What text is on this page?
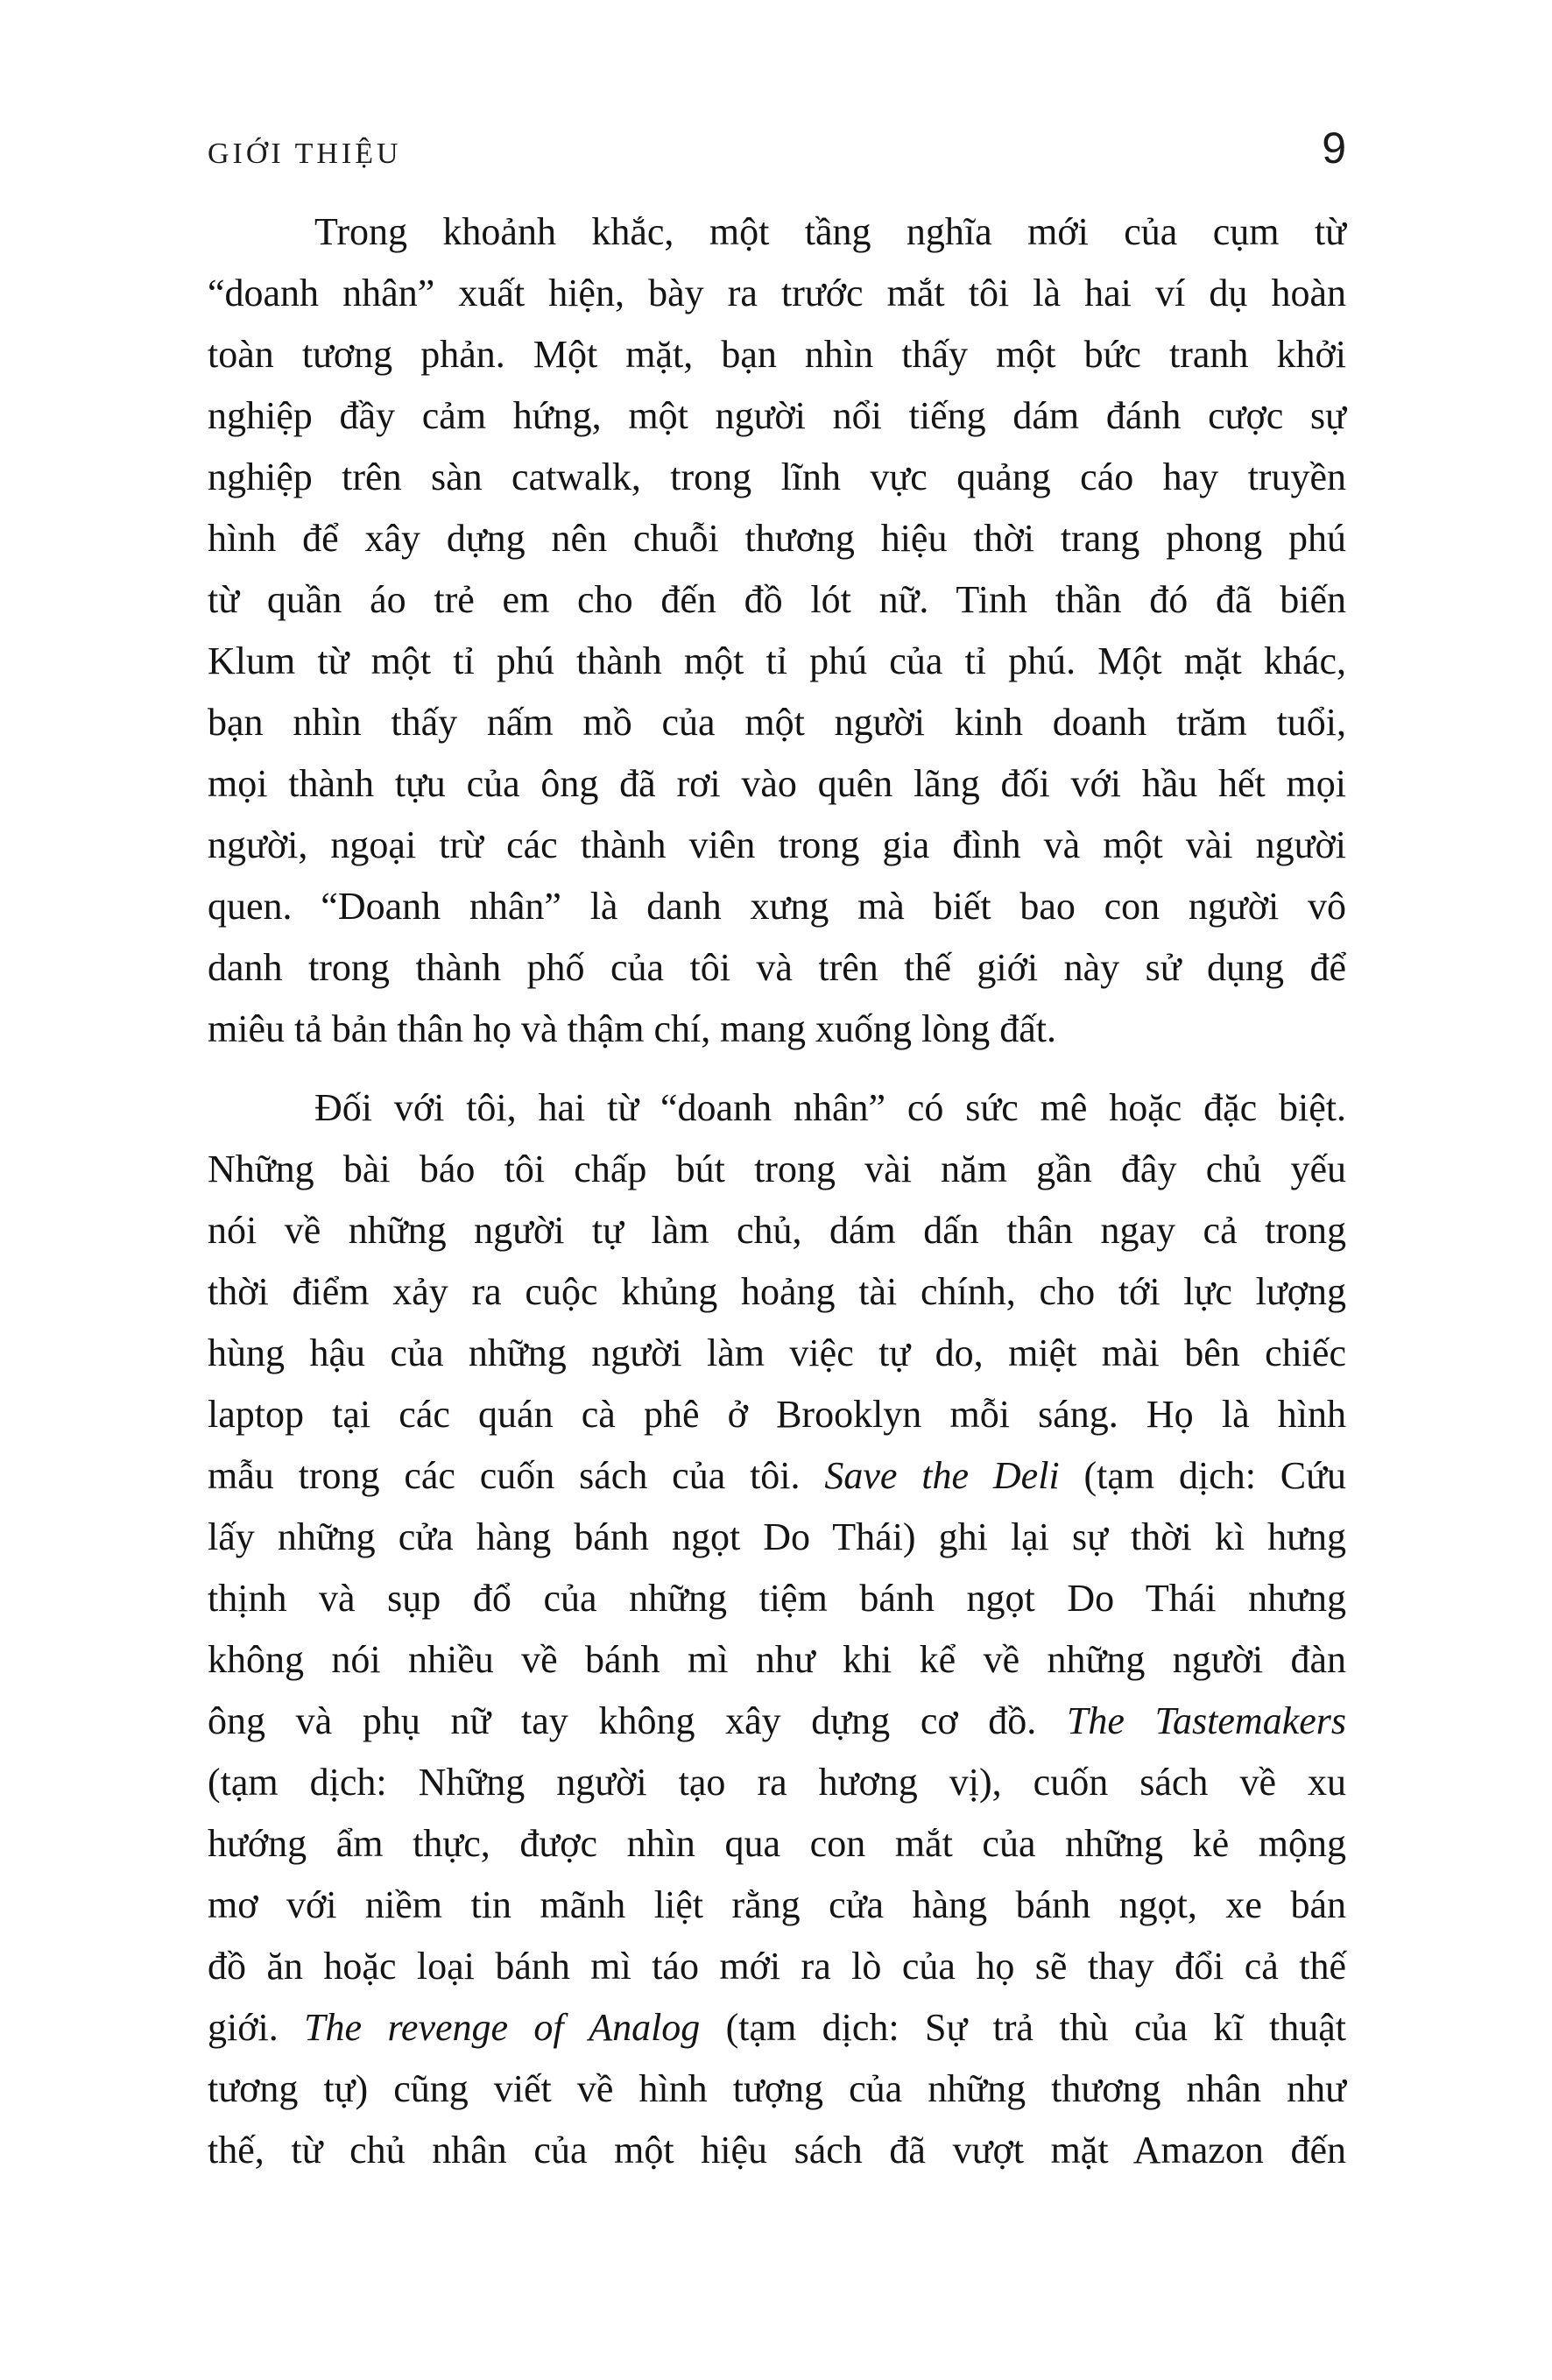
GIỚI THIỆU	9
Trong khoảnh khắc, một tầng nghĩa mới của cụm từ
“doanh nhân” xuất hiện, bày ra trước mắt tôi là hai ví dụ hoàn
toàn tương phản. Một mặt, bạn nhìn thấy một bức tranh khởi
nghiệp đầy cảm hứng, một người nổi tiếng dám đánh cược sự
nghiệp trên sàn catwalk, trong lĩnh vực quảng cáo hay truyền
hình để xây dựng nên chuỗi thương hiệu thời trang phong phú
từ quần áo trẻ em cho đến đồ lót nữ. Tinh thần đó đã biến
Klum từ một tỉ phú thành một tỉ phú của tỉ phú. Một mặt khác,
bạn nhìn thấy nấm mồ của một người kinh doanh trăm tuổi,
mọi thành tựu của ông đã rơi vào quên lãng đối với hầu hết mọi
người, ngoại trừ các thành viên trong gia đình và một vài người
quen. “Doanh nhân” là danh xưng mà biết bao con người vô
danh trong thành phố của tôi và trên thế giới này sử dụng để
miêu tả bản thân họ và thậm chí, mang xuống lòng đất.
Đối với tôi, hai từ “doanh nhân” có sức mê hoặc đặc biệt.
Những bài báo tôi chấp bút trong vài năm gần đây chủ yếu
nói về những người tự làm chủ, dám dấn thân ngay cả trong
thời điểm xảy ra cuộc khủng hoảng tài chính, cho tới lực lượng
hùng hậu của những người làm việc tự do, miệt mài bên chiếc
laptop tại các quán cà phê ở Brooklyn mỗi sáng. Họ là hình
mẫu trong các cuốn sách của tôi. Save the Deli (tạm dịch: Cứu
lấy những cửa hàng bánh ngọt Do Thái) ghi lại sự thời kì hưng
thịnh và sụp đổ của những tiệm bánh ngọt Do Thái nhưng
không nói nhiều về bánh mì như khi kể về những người đàn
ông và phụ nữ tay không xây dựng cơ đồ. The Tastemakers
(tạm dịch: Những người tạo ra hương vị), cuốn sách về xu
hướng ẩm thực, được nhìn qua con mắt của những kẻ mộng
mơ với niềm tin mãnh liệt rằng cửa hàng bánh ngọt, xe bán
đồ ăn hoặc loại bánh mì táo mới ra lò của họ sẽ thay đổi cả thế
giới. The revenge of Analog (tạm dịch: Sự trả thù của kĩ thuật
tương tự) cũng viết về hình tượng của những thương nhân như
thế, từ chủ nhân của một hiệu sách đã vượt mặt Amazon đến
